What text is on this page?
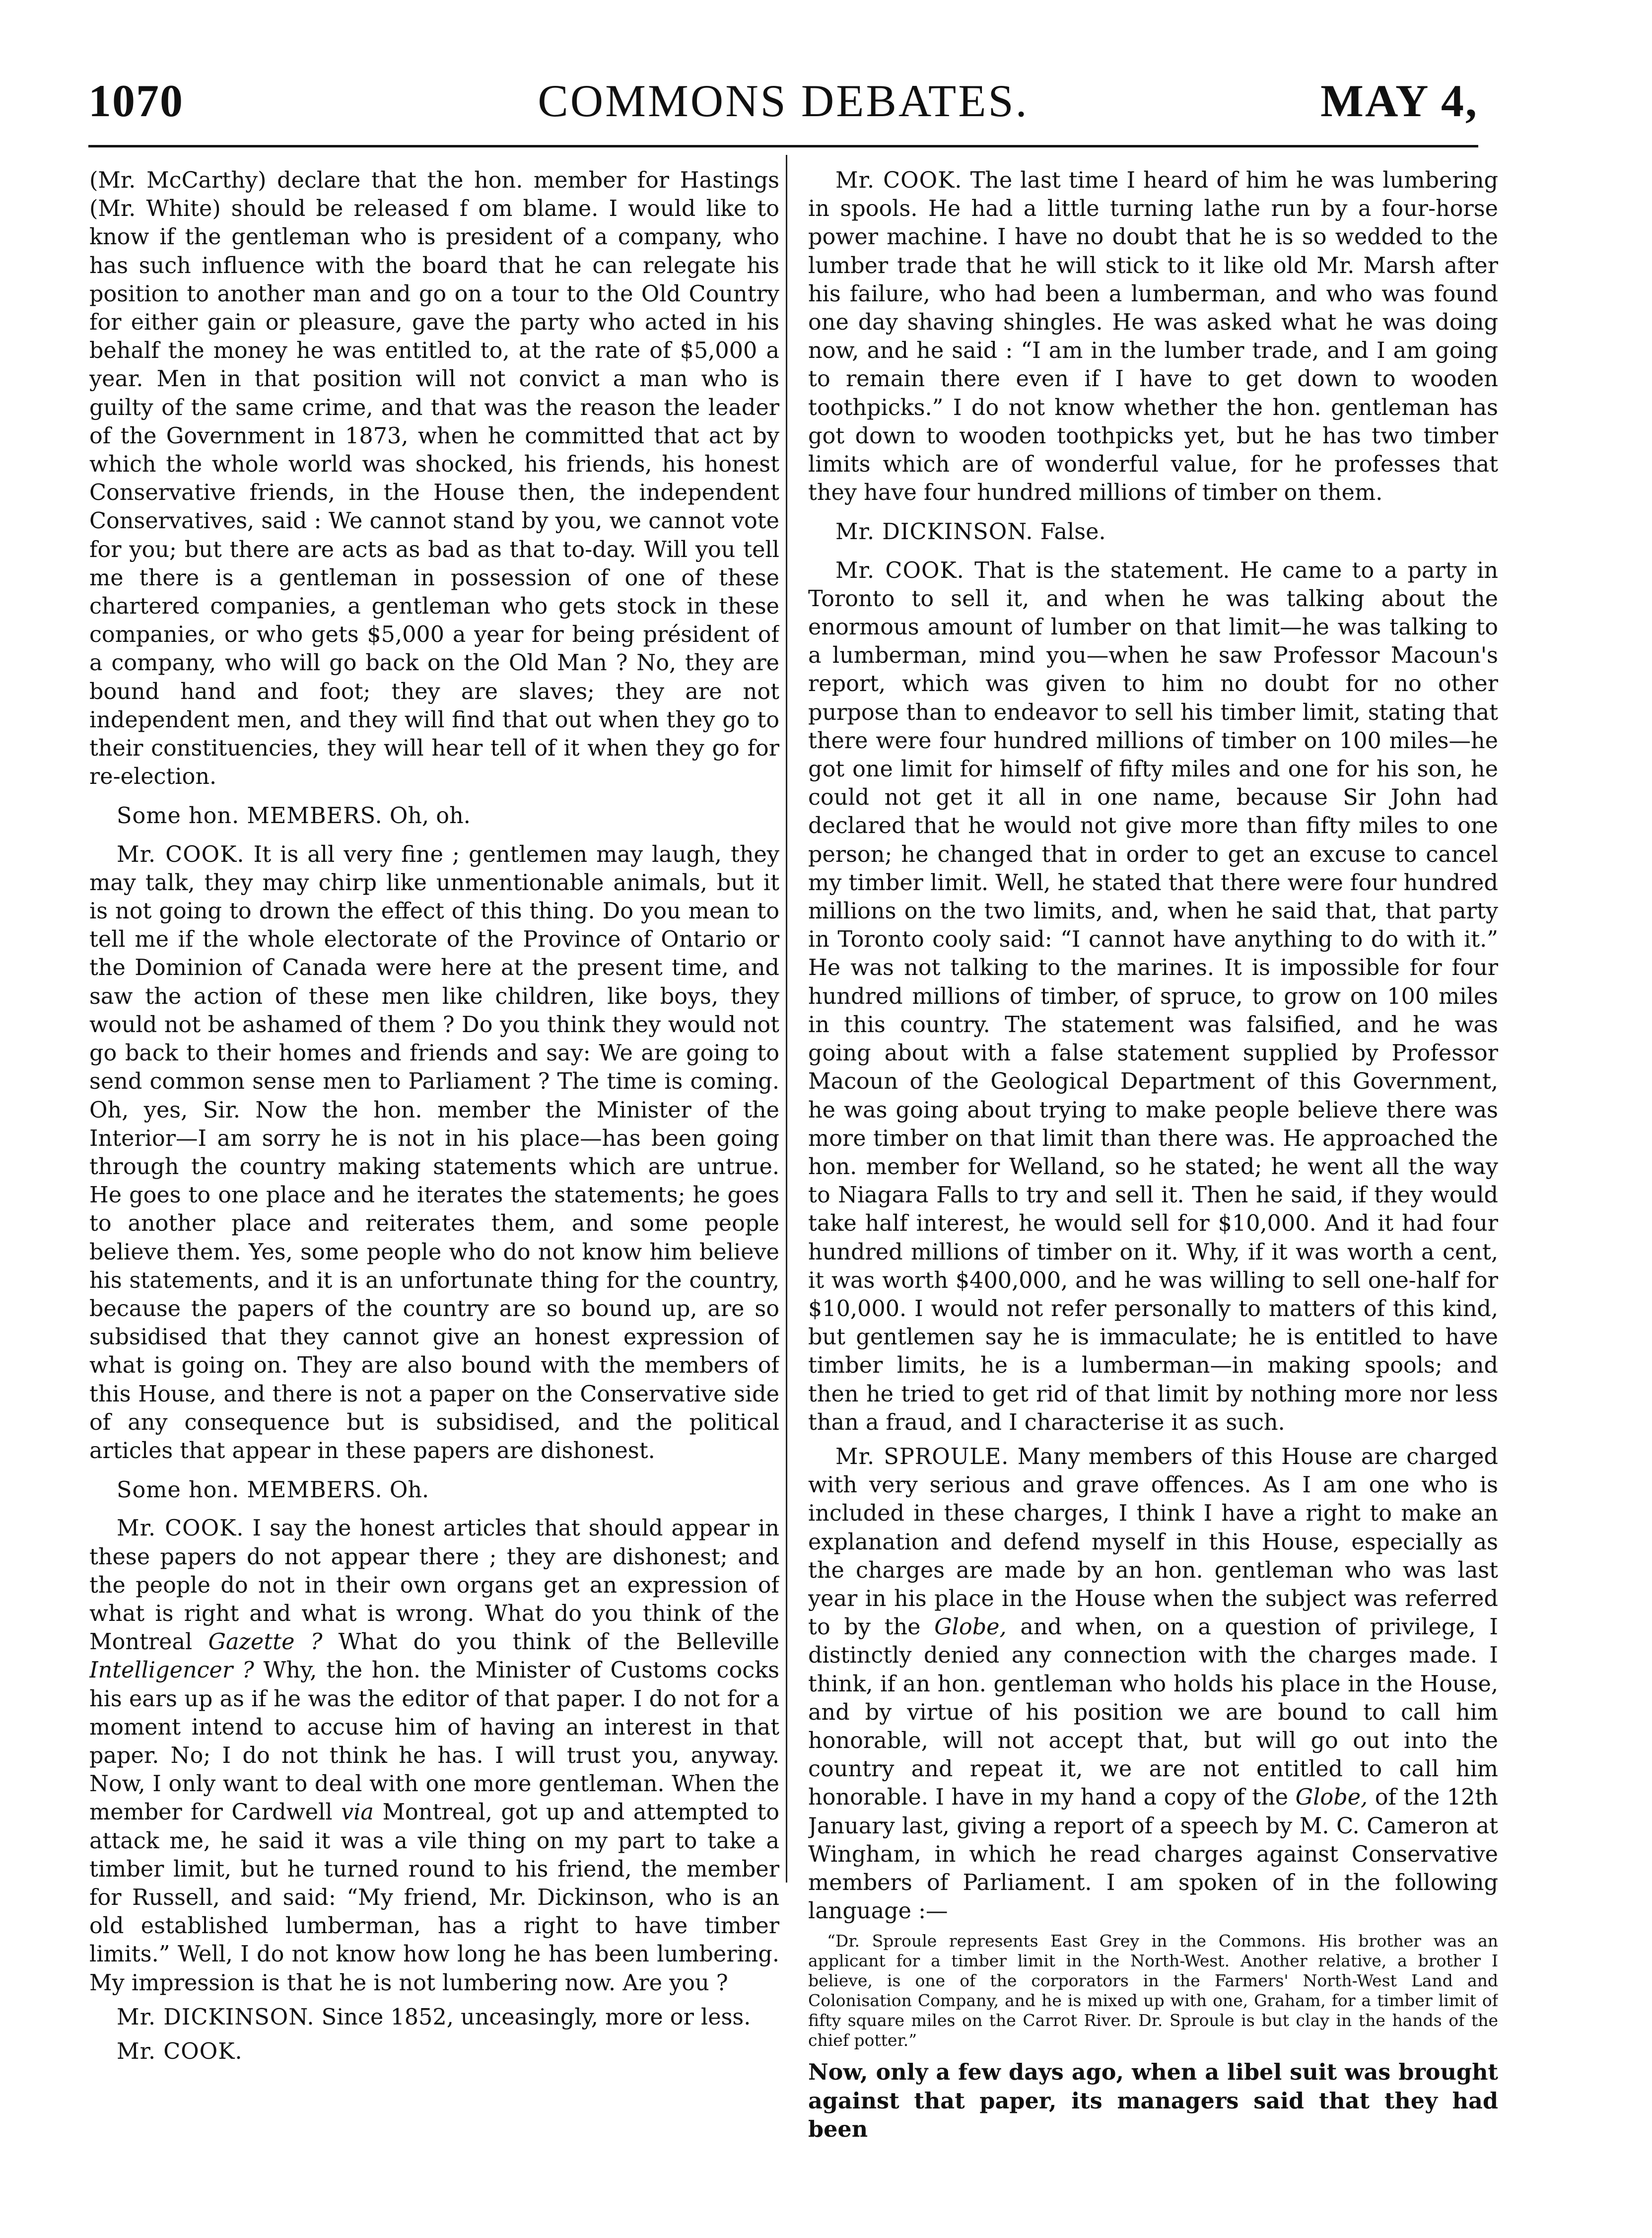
1070	COMMONS DEBATES.	MAY 4,

(Mr. McCarthy) declare that the hon. member for Hastings (Mr. White) should be released f om blame. I would like to know if the gentleman who is president of a company, who has such influence with the board that he can relegate his position to another man and go on a tour to the Old Country for either gain or pleasure, gave the party who acted in his behalf the money he was entitled to, at the rate of $5,000 a year. Men in that position will not convict a man who is guilty of the same crime, and that was the reason the leader of the Government in 1873, when he committed that act by which the whole world was shocked, his friends, his honest Conservative friends, in the House then, the independent Conservatives, said : We cannot stand by you, we cannot vote for you; but there are acts as bad as that to-day. Will you tell me there is a gentleman in possession of one of these chartered companies, a gentleman who gets stock in these companies, or who gets $5,000 a year for being président of a company, who will go back on the Old Man ? No, they are bound hand and foot; they are slaves; they are not independent men, and they will find that out when they go to their constituencies, they will hear tell of it when they go for re-election.

Some hon. MEMBERS. Oh, oh.

Mr. COOK. It is all very fine ; gentlemen may laugh, they may talk, they may chirp like unmentionable animals, but it is not going to drown the effect of this thing. Do you mean to tell me if the whole electorate of the Province of Ontario or the Dominion of Canada were here at the present time, and saw the action of these men like children, like boys, they would not be ashamed of them ? Do you think they would not go back to their homes and friends and say: We are going to send common sense men to Parliament ? The time is coming. Oh, yes, Sir. Now the hon. member the Minister of the Interior—I am sorry he is not in his place—has been going through the country making statements which are untrue. He goes to one place and he iterates the statements; he goes to another place and reiterates them, and some people believe them. Yes, some people who do not know him believe his statements, and it is an unfortunate thing for the country, because the papers of the country are so bound up, are so subsidised that they cannot give an honest expression of what is going on. They are also bound with the members of this House, and there is not a paper on the Conservative side of any consequence but is subsidised, and the political articles that appear in these papers are dishonest.

Some hon. MEMBERS. Oh.

Mr. COOK. I say the honest articles that should appear in these papers do not appear there ; they are dishonest; and the people do not in their own organs get an expression of what is right and what is wrong. What do you think of the Montreal Gazette ? What do you think of the Belleville Intelligencer ? Why, the hon. the Minister of Customs cocks his ears up as if he was the editor of that paper. I do not for a moment intend to accuse him of having an interest in that paper. No; I do not think he has. I will trust you, anyway. Now, I only want to deal with one more gentleman. When the member for Cardwell via Montreal, got up and attempted to attack me, he said it was a vile thing on my part to take a timber limit, but he turned round to his friend, the member for Russell, and said: “My friend, Mr. Dickinson, who is an old established lumberman, has a right to have timber limits.” Well, I do not know how long he has been lumbering. My impression is that he is not lumbering now. Are you ?

Mr. DICKINSON. Since 1852, unceasingly, more or less.

Mr. COOK.

Mr. COOK. The last time I heard of him he was lumbering in spools. He had a little turning lathe run by a four-horse power machine. I have no doubt that he is so wedded to the lumber trade that he will stick to it like old Mr. Marsh after his failure, who had been a lumberman, and who was found one day shaving shingles. He was asked what he was doing now, and he said : “I am in the lumber trade, and I am going to remain there even if I have to get down to wooden toothpicks.” I do not know whether the hon. gentleman has got down to wooden toothpicks yet, but he has two timber limits which are of wonderful value, for he professes that they have four hundred millions of timber on them.

Mr. DICKINSON. False.

Mr. COOK. That is the statement. He came to a party in Toronto to sell it, and when he was talking about the enormous amount of lumber on that limit—he was talking to a lumberman, mind you—when he saw Professor Macoun's report, which was given to him no doubt for no other purpose than to endeavor to sell his timber limit, stating that there were four hundred millions of timber on 100 miles—he got one limit for himself of fifty miles and one for his son, he could not get it all in one name, because Sir John had declared that he would not give more than fifty miles to one person; he changed that in order to get an excuse to cancel my timber limit. Well, he stated that there were four hundred millions on the two limits, and, when he said that, that party in Toronto cooly said: “I cannot have anything to do with it.” He was not talking to the marines. It is impossible for four hundred millions of timber, of spruce, to grow on 100 miles in this country. The statement was falsified, and he was going about with a false statement supplied by Professor Macoun of the Geological Department of this Government, he was going about trying to make people believe there was more timber on that limit than there was. He approached the hon. member for Welland, so he stated; he went all the way to Niagara Falls to try and sell it. Then he said, if they would take half interest, he would sell for $10,000. And it had four hundred millions of timber on it. Why, if it was worth a cent, it was worth $400,000, and he was willing to sell one-half for $10,000. I would not refer personally to matters of this kind, but gentlemen say he is immaculate; he is entitled to have timber limits, he is a lumberman—in making spools; and then he tried to get rid of that limit by nothing more nor less than a fraud, and I characterise it as such.

Mr. SPROULE. Many members of this House are charged with very serious and grave offences. As I am one who is included in these charges, I think I have a right to make an explanation and defend myself in this House, especially as the charges are made by an hon. gentleman who was last year in his place in the House when the subject was referred to by the Globe, and when, on a question of privilege, I distinctly denied any connection with the charges made. I think, if an hon. gentleman who holds his place in the House, and by virtue of his position we are bound to call him honorable, will not accept that, but will go out into the country and repeat it, we are not entitled to call him honorable. I have in my hand a copy of the Globe, of the 12th January last, giving a report of a speech by M. C. Cameron at Wingham, in which he read charges against Conservative members of Parliament. I am spoken of in the following language :—

“Dr. Sproule represents East Grey in the Commons. His brother was an applicant for a timber limit in the North-West. Another relative, a brother I believe, is one of the corporators in the Farmers' North-West Land and Colonisation Company, and he is mixed up with one, Graham, for a timber limit of fifty square miles on the Carrot River. Dr. Sproule is but clay in the hands of the chief potter.”

Now, only a few days ago, when a libel suit was brought against that paper, its managers said that they had been
